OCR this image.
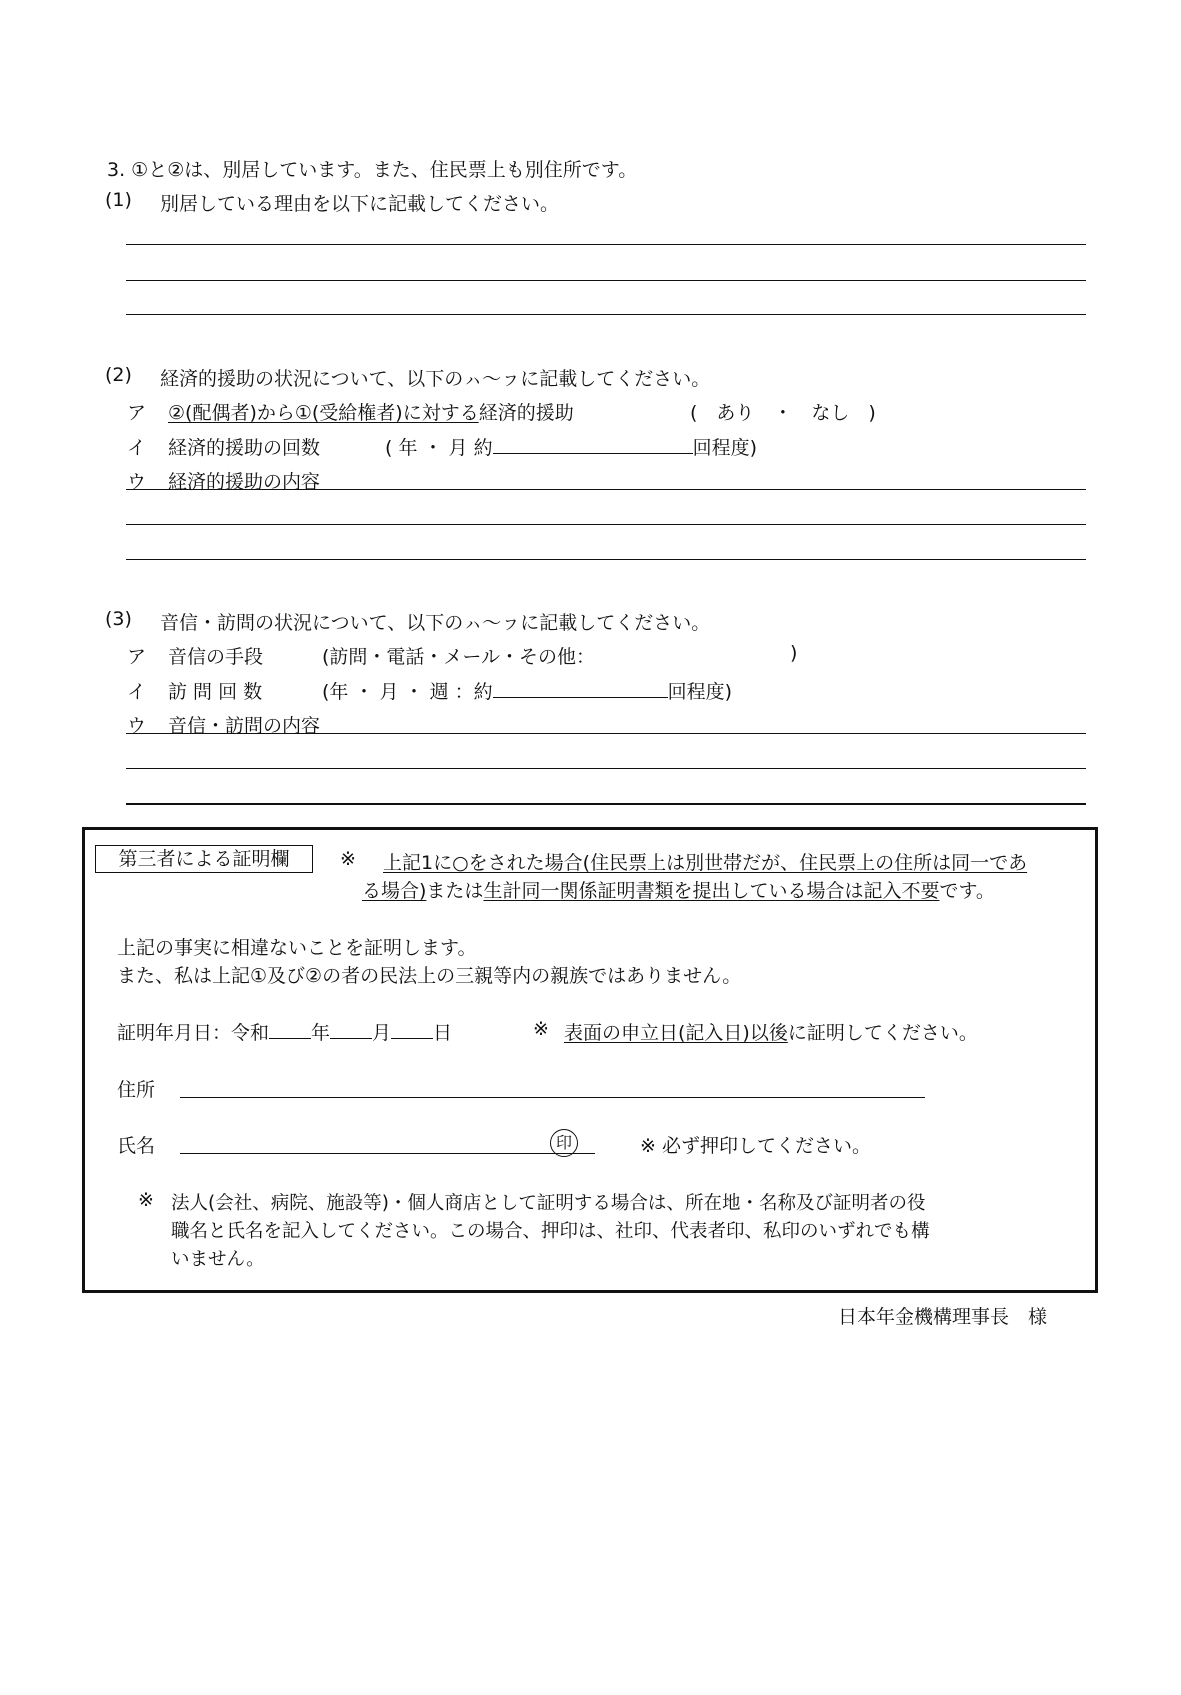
3. ①と②は、別居しています。また、住民票上も別住所です。
(1) 別居している理由を以下に記載してください。
(2) 経済的援助の状況について、以下のㇵ～ㇷに記載してください。
ア ②(配偶者)から①(受給権者)に対する経済的援助	(　あり　・　なし　)
イ 経済的援助の回数	( 年 ・ 月 約	回程度)
ウ 経済的援助の内容
(3) 音信・訪問の状況について、以下のㇵ～ㇷに記載してください。
ア 音信の手段	(訪問・電話・メール・その他：	)
イ 訪 問 回 数	(年 ・ 月 ・ 週 ：約	回程度)
ウ 音信・訪問の内容
第三者による証明欄	※ 上記1に○をされた場合(住民票上は別世帯だが、住民票上の住所は同一であ
る場合)または生計同一関係証明書類を提出している場合は記入不要です。
上記の事実に相違ないことを証明します。
また、私は上記①及び②の者の民法上の三親等内の親族ではありません。
証明年月日：令和 年 月 日	※ 表面の申立日(記入日)以後に証明してください。
住所
氏名	印	※ 必ず押印してください。
※ 法人(会社、病院、施設等)・個人商店として証明する場合は、所在地・名称及び証明者の役
職名と氏名を記入してください。この場合、押印は、社印、代表者印、私印のいずれでも構
いません。
日本年金機構理事長　様
